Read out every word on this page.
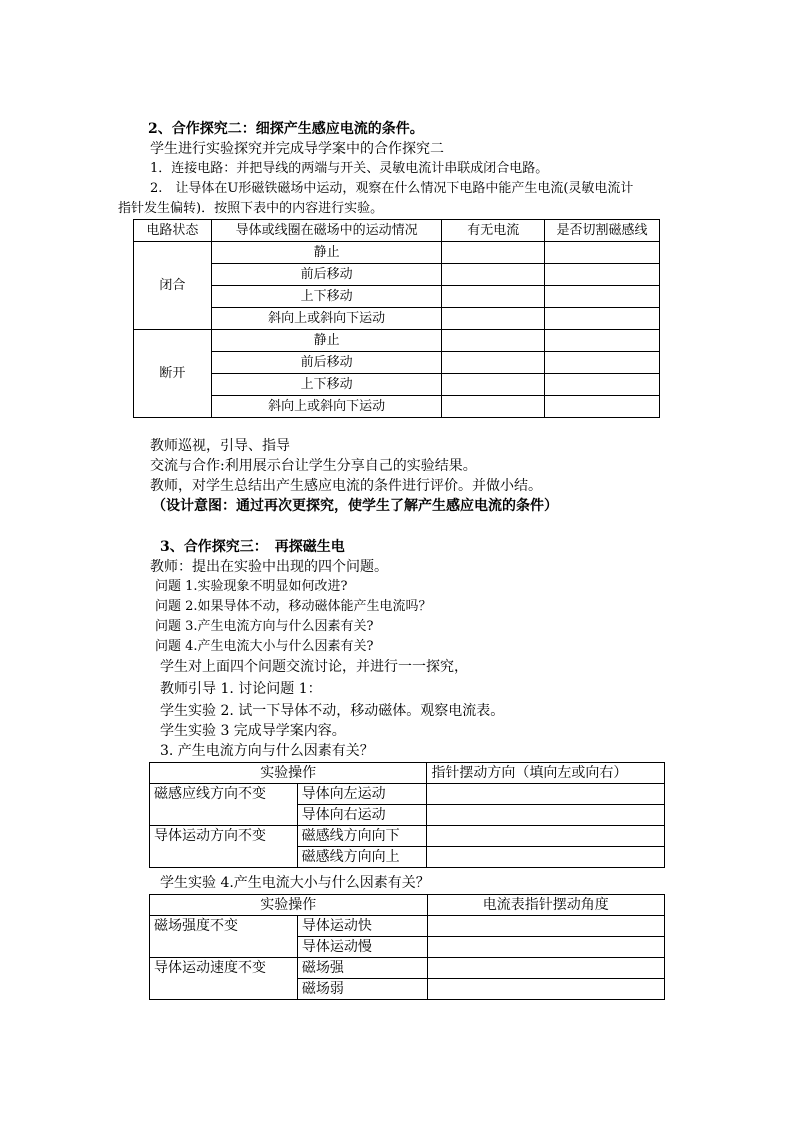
2、合作探究二：细探产生感应电流的条件。
学生进行实验探究并完成导学案中的合作探究二
1．连接电路：并把导线的两端与开关、灵敏电流计串联成闭合电路。
2.　让导体在U形磁铁磁场中运动，观察在什么情况下电路中能产生电流(灵敏电流计
指针发生偏转)．按照下表中的内容进行实验。
电路状态	导体或线圈在磁场中的运动情况	有无电流	是否切割磁感线
闭合	静止		
	前后移动		
	上下移动		
	斜向上或斜向下运动		
断开	静止		
	前后移动		
	上下移动		
	斜向上或斜向下运动		
教师巡视，引导、指导
交流与合作:利用展示台让学生分享自己的实验结果。
教师，对学生总结出产生感应电流的条件进行评价。并做小结。
（设计意图：通过再次更探究，使学生了解产生感应电流的条件）
3、合作探究三：　再探磁生电
教师：提出在实验中出现的四个问题。
问题 1.实验现象不明显如何改进?
问题 2.如果导体不动，移动磁体能产生电流吗？
问题 3.产生电流方向与什么因素有关?
问题 4.产生电流大小与什么因素有关?
学生对上面四个问题交流讨论，并进行一一探究，
教师引导 1. 讨论问题 1：
学生实验 2. 试一下导体不动，移动磁体。观察电流表。
学生实验 3 完成导学案内容。
3. 产生电流方向与什么因素有关？
实验操作		指针摆动方向（填向左或向右）
磁感应线方向不变	导体向左运动	
	导体向右运动	
导体运动方向不变	磁感线方向向下	
	磁感线方向向上	
学生实验 4.产生电流大小与什么因素有关？
实验操作		电流表指针摆动角度
磁场强度不变	导体运动快	
	导体运动慢	
导体运动速度不变	磁场强	
	磁场弱	
